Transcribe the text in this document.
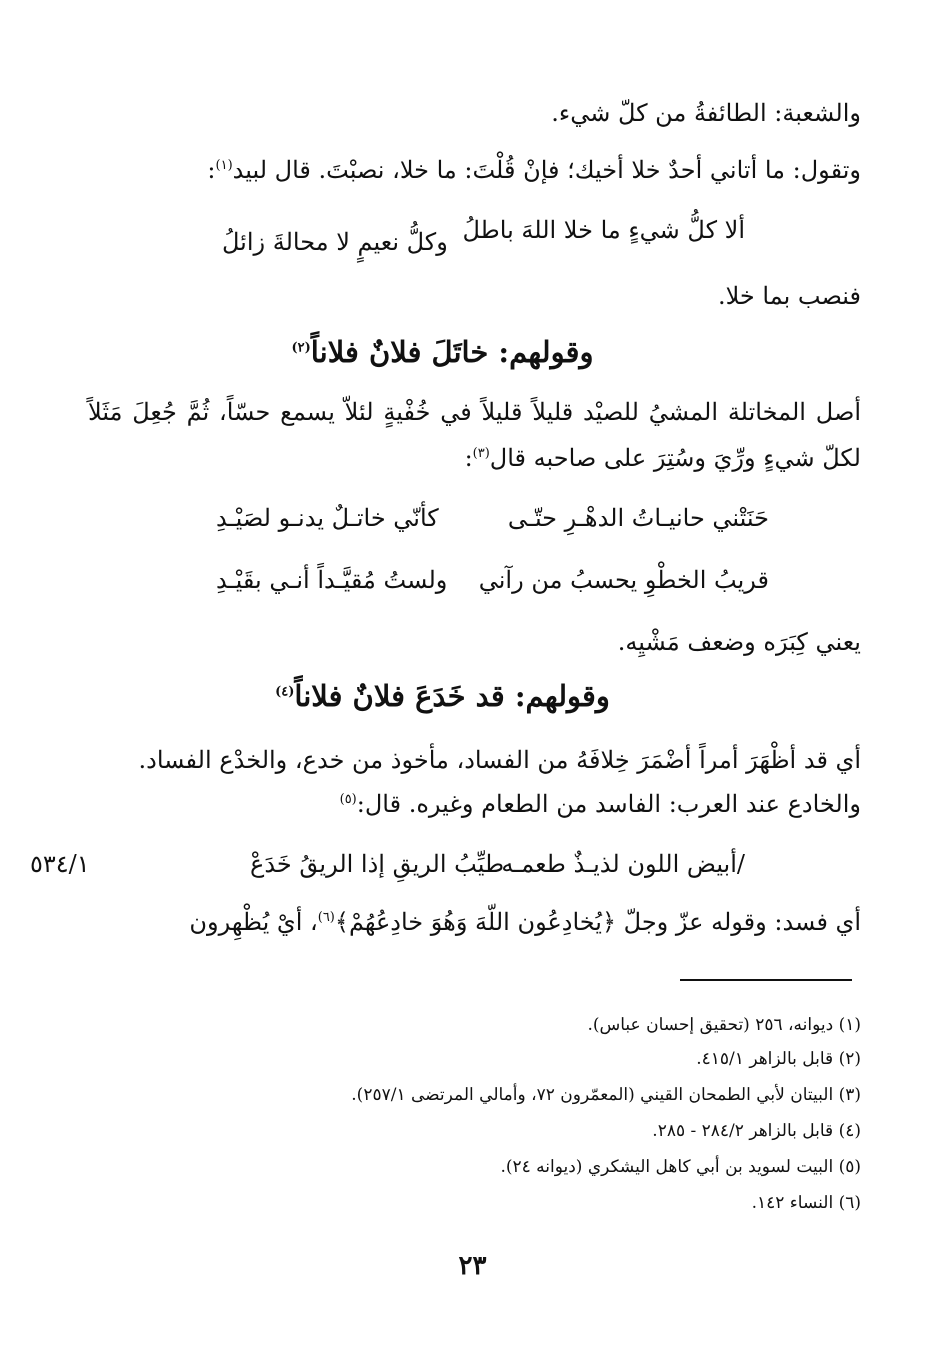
والشعبة: الطائفةُ من كلّ شيء.
وتقول: ما أتاني أحدٌ خلا أخيك؛ فإنْ قُلْتَ: ما خلا، نصبْتَ. قال لبيد$^{(١)}$:
ألا كلُّ شيءٍ ما خلا اللهَ باطلُ
وكلُّ نعيمٍ لا محالةَ زائلُ
فنصب بما خلا.
وقولهم: خاتَلَ فلانٌ فلاناً$^{(٢)}$
أصل المخاتلة المشيُ للصيْد قليلاً قليلاً في خُفْيةٍ لئلاّ يسمع حسّاً، ثُمَّ جُعِلَ مَثَلاً
لكلّ شيءٍ ورِّيَ وسُتِرَ على صاحبه قال$^{(٣)}$:
حَنَتْني حانيـاتُ الدهْـرِ حتّـى
كأنّي خاتـلٌ يدنـو لصَيْـدِ
قريبُ الخطْوِ يحسبُ من رآني
ولستُ مُقيَّـداً أنـي بقَيْـدِ
يعني كِبَرَه وضعف مَشْيِه.
وقولهم: قد خَدَعَ فلانٌ فلاناً$^{(٤)}$
أي قد أظْهَرَ أمراً أضْمَرَ خِلافَهُ من الفساد، مأخوذ من خدع، والخدْع الفساد.
والخادع عند العرب: الفاسد من الطعام وغيره. قال:$^{(٥)}$
/أبيض اللون لذيـذٌ طعمـه
طيِّبُ الريقِ إذا الريقُ خَدَعْ
٥٣٤/١
أي فسد: وقوله عزّ وجلّ ﴿يُخادِعُون اللّهَ وَهُوَ خادِعُهُمْ﴾$^{(٦)}$، أيْ يُظْهِرون
(١) ديوانه، ٢٥٦ (تحقيق إحسان عباس).
(٢) قابل بالزاهر ٤١٥/١.
(٣) البيتان لأبي الطمحان القيني (المعمّرون ٧٢، وأمالي المرتضى ٢٥٧/١).
(٤) قابل بالزاهر ٢٨٤/٢ - ٢٨٥.
(٥) البيت لسويد بن أبي كاهل اليشكري (ديوانه ٢٤).
(٦) النساء ١٤٢.
٢٣
